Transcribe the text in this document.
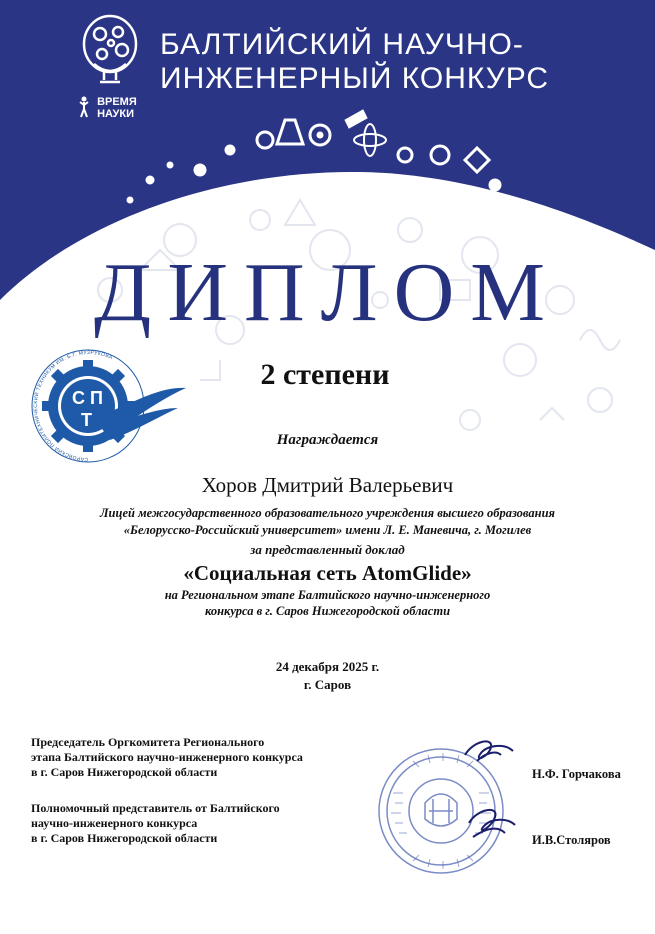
ВРЕМЯ
НАУКИ
БАЛТИЙСКИЙ НАУЧНО-
ИНЖЕНЕРНЫЙ КОНКУРС
ДИПЛОМ
САРОВСКИЙ ПОЛИТЕХНИЧЕСКИЙ ТЕХНИКУМ ИМ. Б.Г. МУЗРУКОВА
С П
Т
2 степени
Награждается
Хоров Дмитрий Валерьевич
Лицей межгосударственного образовательного учреждения высшего образования
«Белорусско-Российский университет» имени Л. Е. Маневича, г. Могилев
за представленный доклад
«Социальная сеть AtomGlide»
на Региональном этапе Балтийского научно-инженерного
конкурса в г. Саров Нижегородской области
24 декабря 2025 г.
г. Саров
Председатель Оргкомитета Регионального
этапа Балтийского научно-инженерного конкурса
в г. Саров Нижегородской области	Н.Ф. Горчакова
Полномочный представитель от Балтийского
научно-инженерного конкурса
в г. Саров Нижегородской области	И.В.Столяров
